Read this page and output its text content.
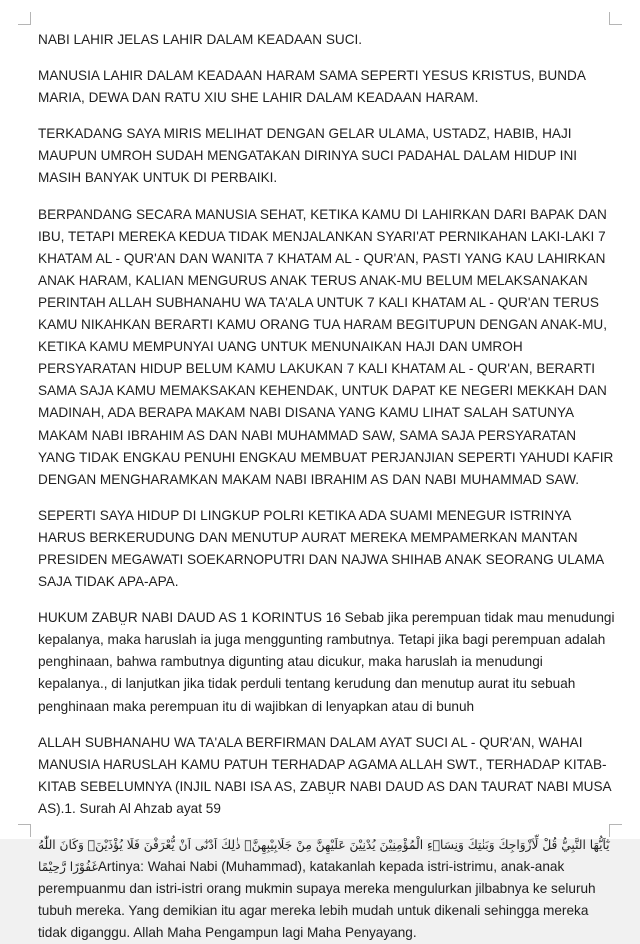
NABI LAHIR JELAS LAHIR DALAM KEADAAN SUCI.

MANUSIA LAHIR DALAM KEADAAN HARAM SAMA SEPERTI YESUS KRISTUS, BUNDA MARIA, DEWA DAN RATU XIU SHE LAHIR DALAM KEADAAN HARAM.

TERKADANG SAYA MIRIS MELIHAT DENGAN GELAR ULAMA, USTADZ, HABIB, HAJI MAUPUN UMROH SUDAH MENGATAKAN DIRINYA SUCI PADAHAL DALAM HIDUP INI MASIH BANYAK UNTUK DI PERBAIKI.

BERPANDANG SECARA MANUSIA SEHAT, KETIKA KAMU DI LAHIRKAN DARI BAPAK DAN IBU, TETAPI MEREKA KEDUA TIDAK MENJALANKAN SYARI'AT PERNIKAHAN LAKI-LAKI 7 KHATAM AL - QUR'AN DAN WANITA 7 KHATAM AL - QUR'AN, PASTI YANG KAU LAHIRKAN ANAK HARAM, KALIAN MENGURUS ANAK TERUS ANAK-MU BELUM MELAKSANAKAN PERINTAH ALLAH SUBHANAHU WA TA'ALA UNTUK 7 KALI KHATAM AL - QUR'AN TERUS KAMU NIKAHKAN BERARTI KAMU ORANG TUA HARAM BEGITUPUN DENGAN ANAK-MU, KETIKA KAMU MEMPUNYAI UANG UNTUK MENUNAIKAN HAJI DAN UMROH PERSYARATAN HIDUP BELUM KAMU LAKUKAN 7 KALI KHATAM AL - QUR'AN, BERARTI SAMA SAJA KAMU MEMAKSAKAN KEHENDAK, UNTUK DAPAT KE NEGERI MEKKAH DAN MADINAH, ADA BERAPA MAKAM NABI DISANA YANG KAMU LIHAT SALAH SATUNYA MAKAM NABI IBRAHIM AS DAN NABI MUHAMMAD SAW, SAMA SAJA PERSYARATAN YANG TIDAK ENGKAU PENUHI ENGKAU MEMBUAT PERJANJIAN SEPERTI YAHUDI KAFIR DENGAN MENGHARAMKAN MAKAM NABI IBRAHIM AS DAN NABI MUHAMMAD SAW.

SEPERTI SAYA HIDUP DI LINGKUP POLRI KETIKA ADA SUAMI MENEGUR ISTRINYA HARUS BERKERUDUNG DAN MENUTUP AURAT MEREKA MEMPAMERKAN MANTAN PRESIDEN MEGAWATI SOEKARNOPUTRI DAN NAJWA SHIHAB ANAK SEORANG ULAMA SAJA TIDAK APA-APA.

HUKUM ZABṲR NABI DAUD AS 1 KORINTUS 16 Sebab jika perempuan tidak mau menudungi kepalanya, maka haruslah ia juga menggunting rambutnya. Tetapi jika bagi perempuan adalah penghinaan, bahwa rambutnya digunting atau dicukur, maka haruslah ia menudungi kepalanya., di lanjutkan jika tidak perduli tentang kerudung dan menutup aurat itu sebuah penghinaan maka perempuan itu di wajibkan di lenyapkan atau di bunuh

ALLAH SUBHANAHU WA TA'ALA BERFIRMAN DALAM AYAT SUCI AL - QUR'AN, WAHAI MANUSIA HARUSLAH KAMU PATUH TERHADAP AGAMA ALLAH SWT., TERHADAP KITAB-KITAB SEBELUMNYA (INJIL NABI ISA AS, ZABṲR NABI DAUD AS DAN TAURAT NABI MUSA AS).1. Surah Al Ahzab ayat 59

يٰٓاَيُّهَا النَّبِيُّ قُلْ لِّاَزْوَاجِكَ وَبَنٰتِكَ وَنِسَاۤءِ الْمُؤْمِنِيْنَ يُدْنِيْنَ عَلَيْهِنَّ مِنْ جَلَابِيْبِهِنَّۗ ذٰلِكَ اَدْنٰٓى اَنْ يُّعْرَفْنَ فَلَا يُؤْذَيْنَۗ وَكَانَ اللّٰهُ غَفُوْرًا رَّحِيْمًاArtinya: Wahai Nabi (Muhammad), katakanlah kepada istri-istrimu, anak-anak perempuanmu dan istri-istri orang mukmin supaya mereka mengulurkan jilbabnya ke seluruh tubuh mereka. Yang demikian itu agar mereka lebih mudah untuk dikenali sehingga mereka tidak diganggu. Allah Maha Pengampun lagi Maha Penyayang.
